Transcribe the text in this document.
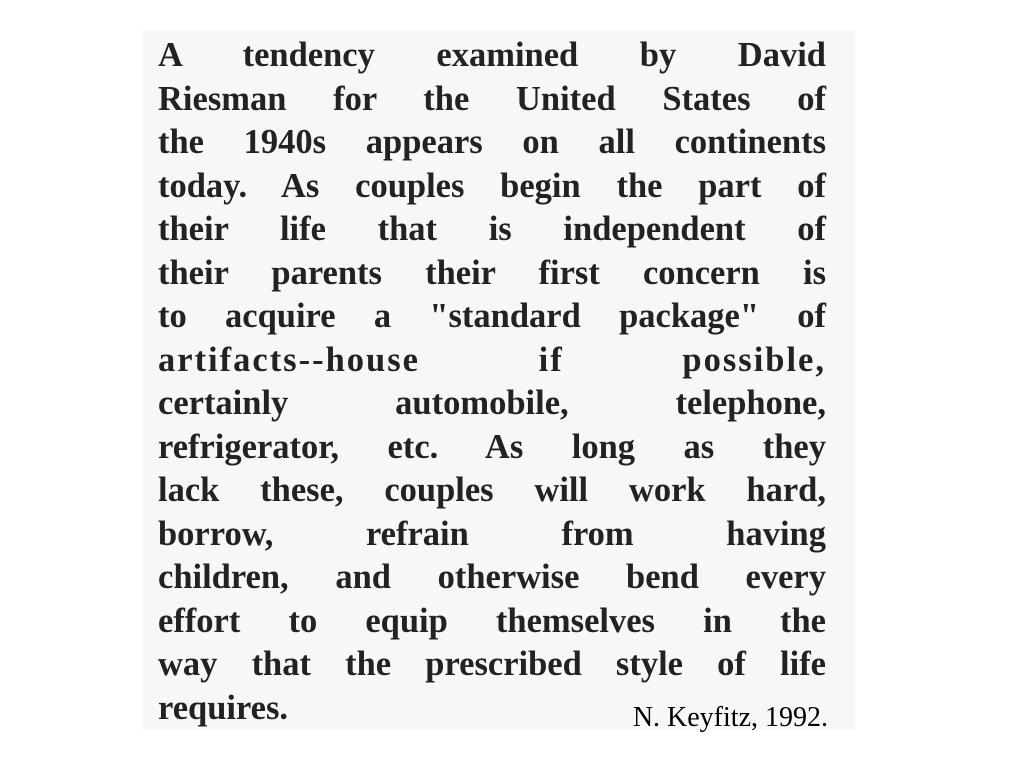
A tendency examined by David
Riesman for the United States of
the 1940s appears on all continents
today. As couples begin the part of
their life that is independent of
their parents their first concern is
to acquire a "standard package" of
artifacts--house if possible,
certainly automobile, telephone,
refrigerator, etc. As long as they
lack these, couples will work hard,
borrow, refrain from having
children, and otherwise bend every
effort to equip themselves in the
way that the prescribed style of life
requires.	N. Keyfitz, 1992.
